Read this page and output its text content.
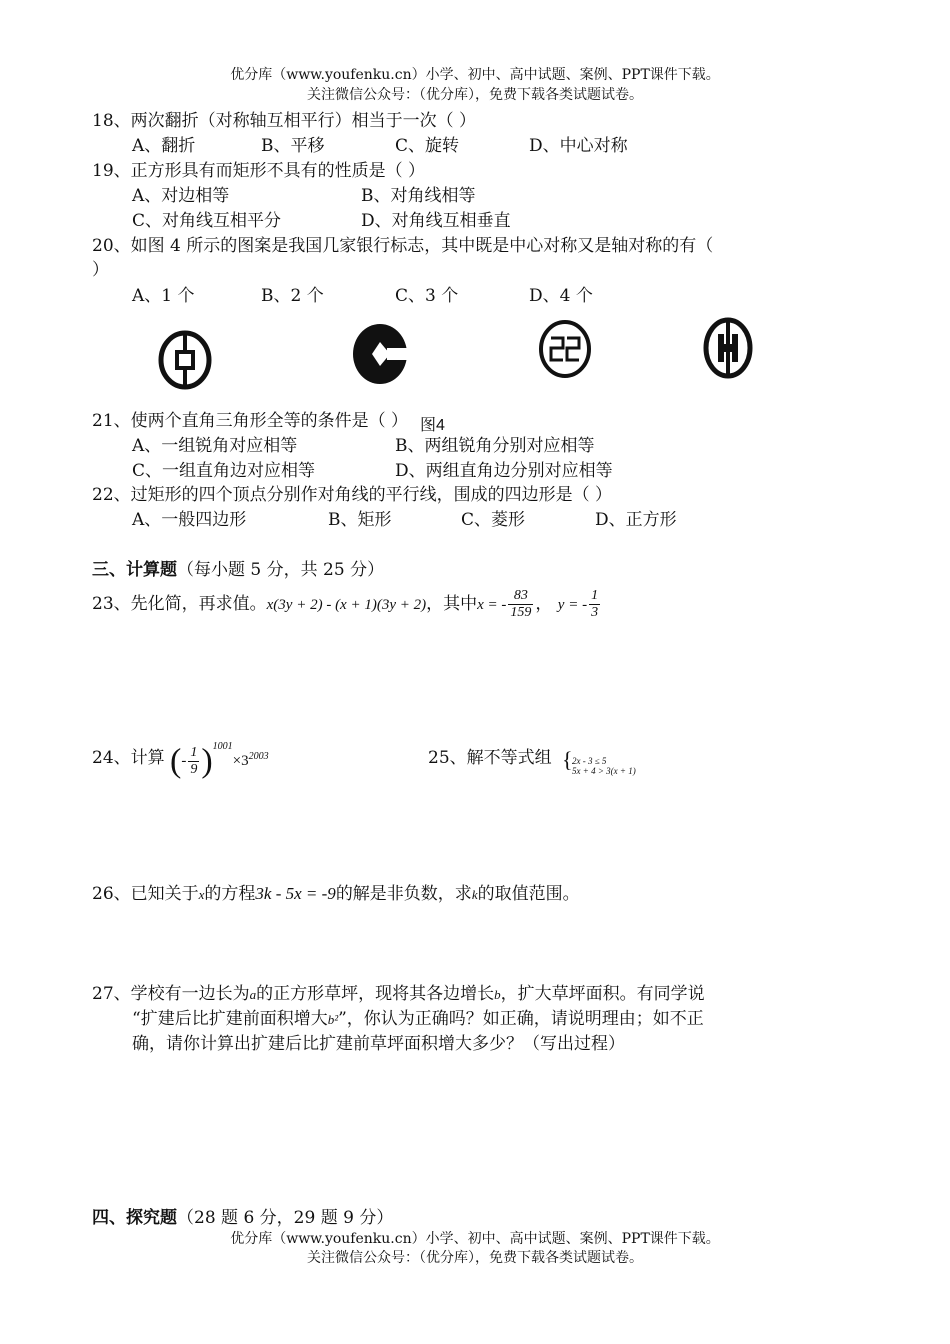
优分库（www.youfenku.cn）小学、初中、高中试题、案例、PPT课件下载。
关注微信公众号：（优分库），免费下载各类试题试卷。
18、两次翻折（对称轴互相平行）相当于一次（ ）
A、翻折	B、平移	C、旋转	D、中心对称
19、正方形具有而矩形不具有的性质是（ ）
A、对边相等	B、对角线相等
C、对角线互相平分	D、对角线互相垂直
20、如图 4 所示的图案是我国几家银行标志，其中既是中心对称又是轴对称的有（
）
A、1 个	B、2 个	C、3 个	D、4 个
21、使两个直角三角形全等的条件是（ ） 图4
A、一组锐角对应相等	B、两组锐角分别对应相等
C、一组直角边对应相等	D、两组直角边分别对应相等
22、过矩形的四个顶点分别作对角线的平行线，围成的四边形是（ ）
A、一般四边形	B、矩形	C、菱形	D、正方形
三、计算题（每小题 5 分，共 25 分）
23、先化简，再求值。x(3y + 2) - (x + 1)(3y + 2)，其中x = - $\frac{83}{159}$ ， y = - $\frac{1}{3}$
24、计算 (- $\frac{1}{9} )^{1001}\times 3^{2003}$	25、解不等式组 { 2x - 3 ≤ 5
5x + 4 > 3(x + 1)
26、已知关于x的方程3k - 5x = -9的解是非负数，求k的取值范围。
27、学校有一边长为a的正方形草坪，现将其各边增长b，扩大草坪面积。有同学说
“扩建后比扩建前面积增大b²”，你认为正确吗？如正确，请说明理由；如不正
确，请你计算出扩建后比扩建前草坪面积增大多少？（写出过程）
四、探究题（28 题 6 分，29 题 9 分）
优分库（www.youfenku.cn）小学、初中、高中试题、案例、PPT课件下载。
关注微信公众号：（优分库），免费下载各类试题试卷。
